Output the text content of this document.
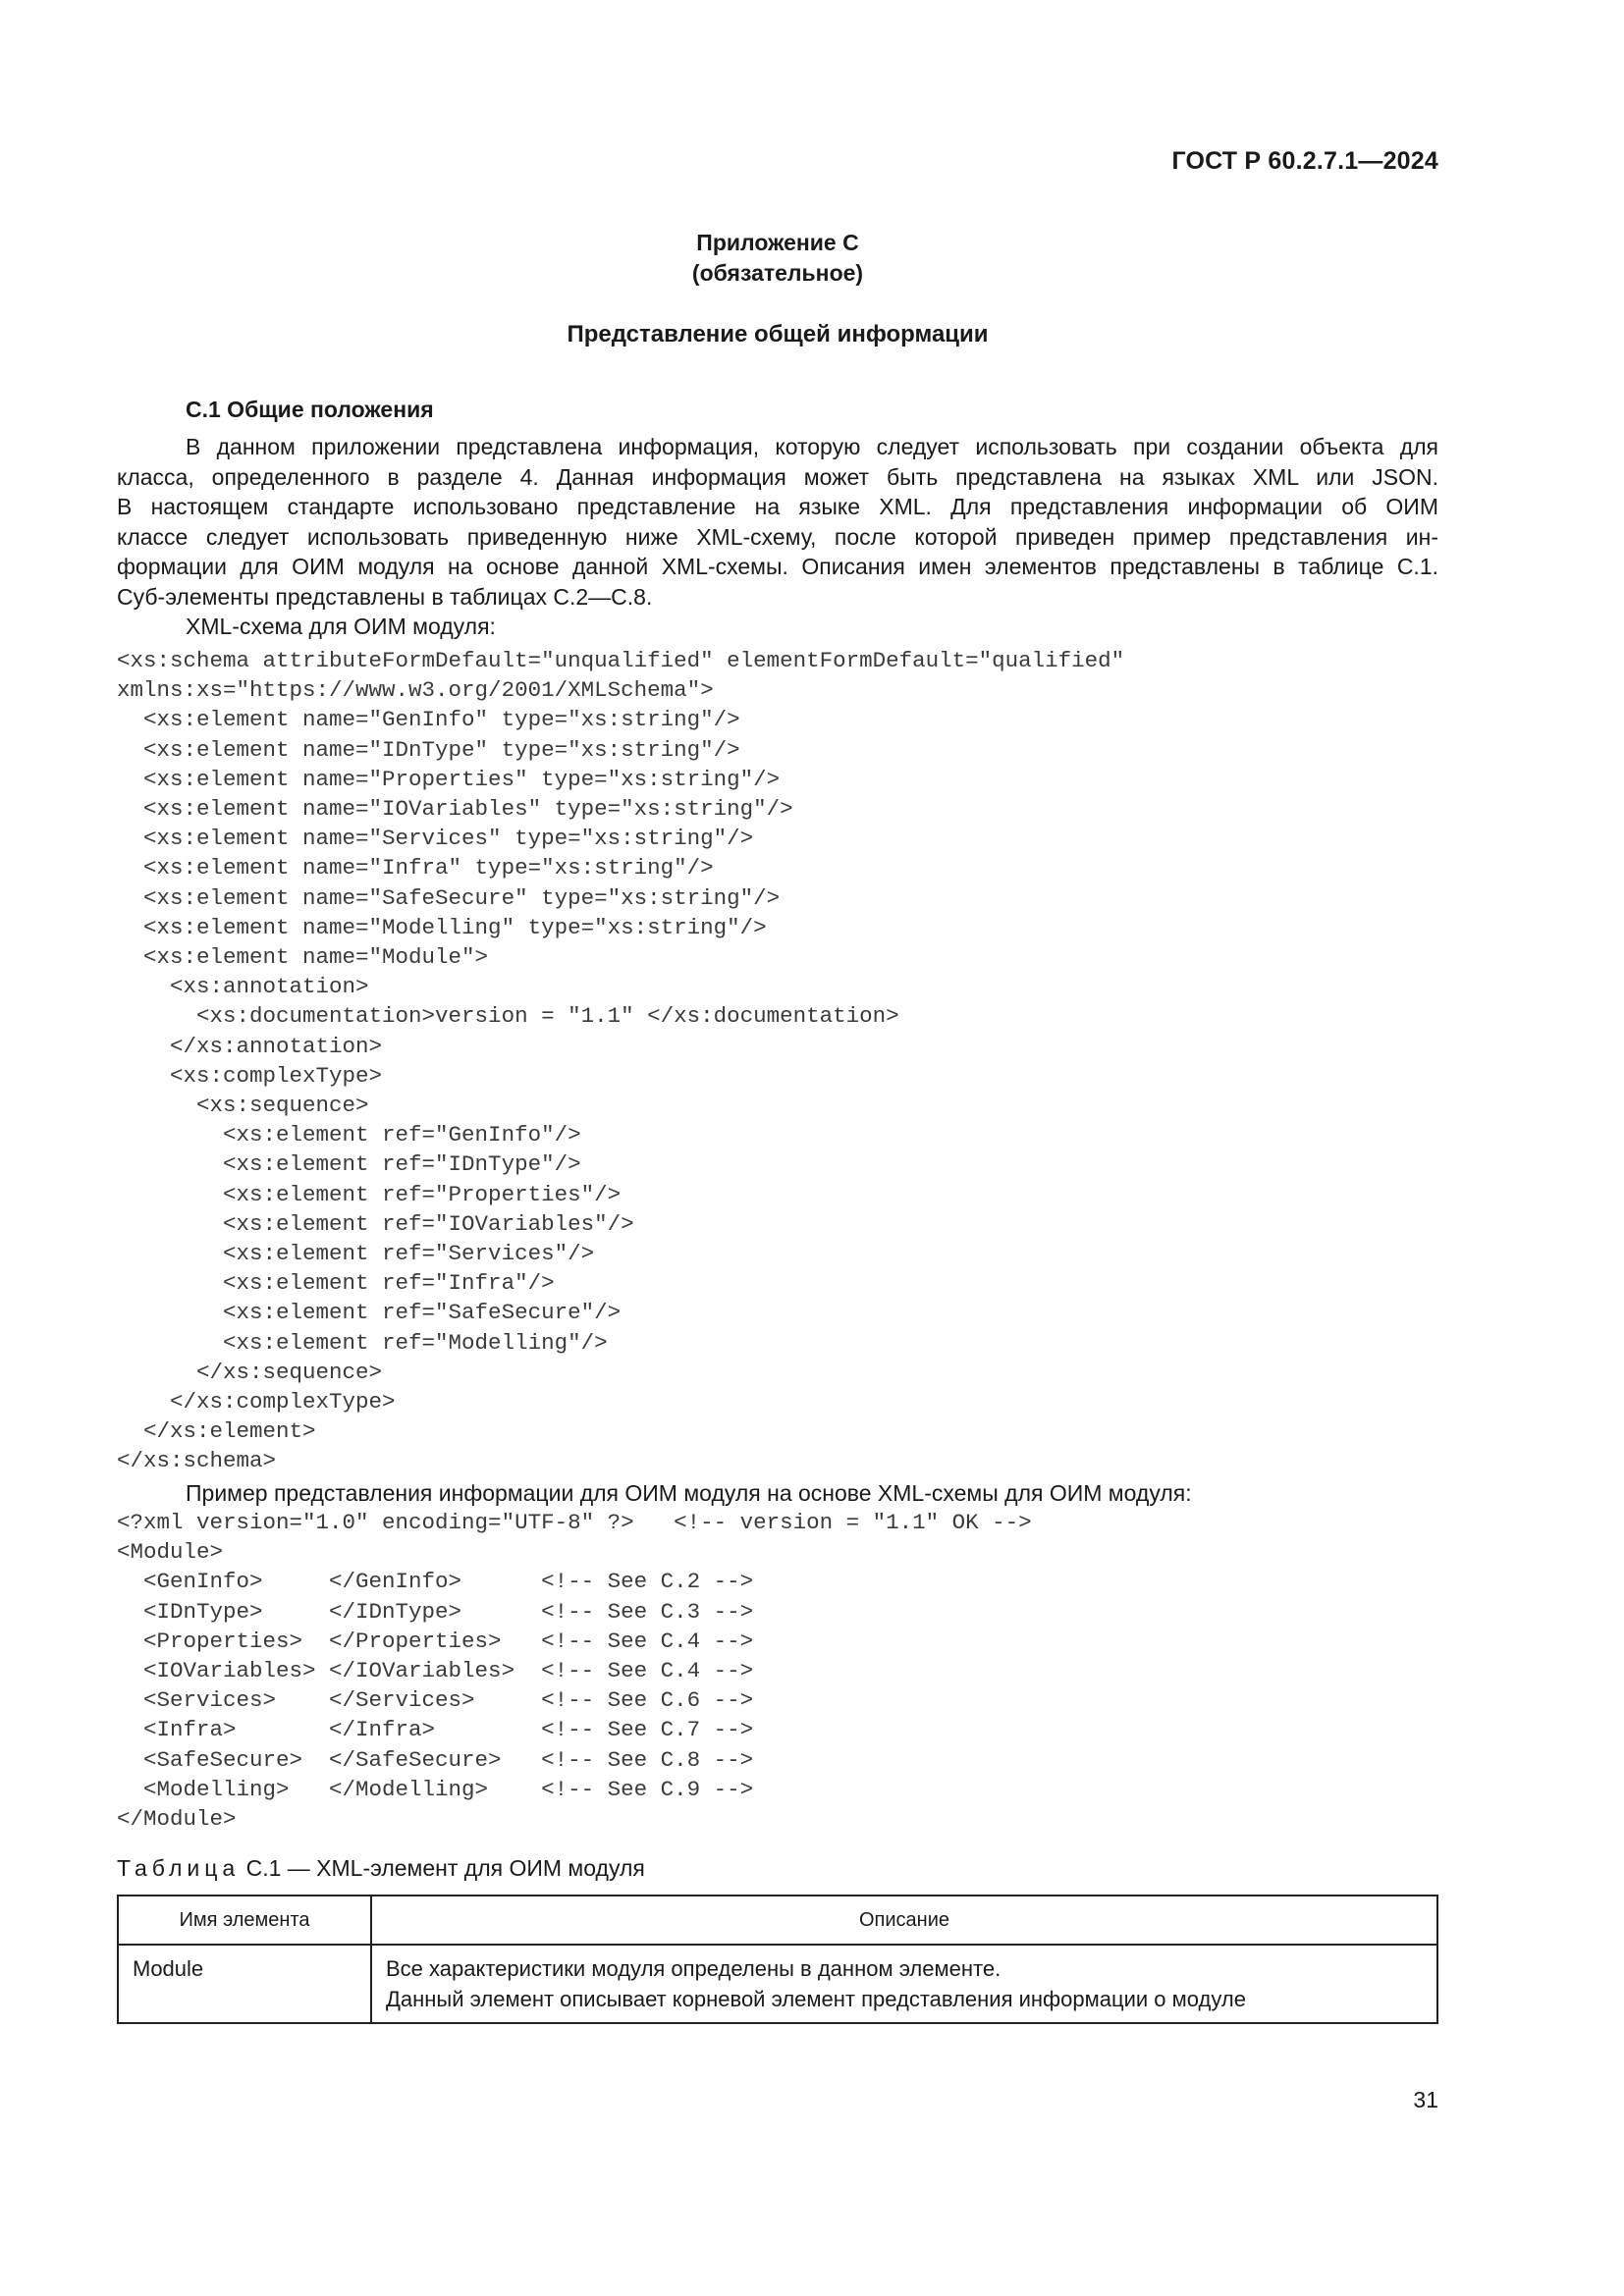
ГОСТ Р 60.2.7.1—2024
Приложение С
(обязательное)
Представление общей информации
С.1 Общие положения
В данном приложении представлена информация, которую следует использовать при создании объекта для
класса, определенного в разделе 4. Данная информация может быть представлена на языках XML или JSON.
В настоящем стандарте использовано представление на языке XML. Для представления информации об ОИМ
классе следует использовать приведенную ниже XML-схему, после которой приведен пример представления ин-
формации для ОИМ модуля на основе данной XML-схемы. Описания имен элементов представлены в таблице С.1.
Суб-элементы представлены в таблицах С.2—С.8.
XML-схема для ОИМ модуля:
<xs:schema attributeFormDefault="unqualified" elementFormDefault="qualified"
xmlns:xs="https://www.w3.org/2001/XMLSchema">
<xs:element name="GenInfo" type="xs:string"/>
<xs:element name="IDnType" type="xs:string"/>
<xs:element name="Properties" type="xs:string"/>
<xs:element name="IOVariables" type="xs:string"/>
<xs:element name="Services" type="xs:string"/>
<xs:element name="Infra" type="xs:string"/>
<xs:element name="SafeSecure" type="xs:string"/>
<xs:element name="Modelling" type="xs:string"/>
<xs:element name="Module">
<xs:annotation>
<xs:documentation>version = "1.1" </xs:documentation>
</xs:annotation>
<xs:complexType>
<xs:sequence>
<xs:element ref="GenInfo"/>
<xs:element ref="IDnType"/>
<xs:element ref="Properties"/>
<xs:element ref="IOVariables"/>
<xs:element ref="Services"/>
<xs:element ref="Infra"/>
<xs:element ref="SafeSecure"/>
<xs:element ref="Modelling"/>
</xs:sequence>
</xs:complexType>
</xs:element>
</xs:schema>
Пример представления информации для ОИМ модуля на основе XML-схемы для ОИМ модуля:
<?xml version="1.0" encoding="UTF-8" ?>   <!-- version = "1.1" OK -->
<Module>
<GenInfo>     </GenInfo>      <!-- See C.2 -->
<IDnType>     </IDnType>      <!-- See C.3 -->
<Properties>  </Properties>   <!-- See C.4 -->
<IOVariables> </IOVariables>  <!-- See C.4 -->
<Services>    </Services>     <!-- See C.6 -->
<Infra>       </Infra>        <!-- See C.7 -->
<SafeSecure>  </SafeSecure>   <!-- See C.8 -->
<Modelling>   </Modelling>    <!-- See C.9 -->
</Module>
Таблица С.1 — XML-элемент для ОИМ модуля
Имя элемента	Описание
Module	Все характеристики модуля определены в данном элементе.
Данный элемент описывает корневой элемент представления информации о модуле
31
